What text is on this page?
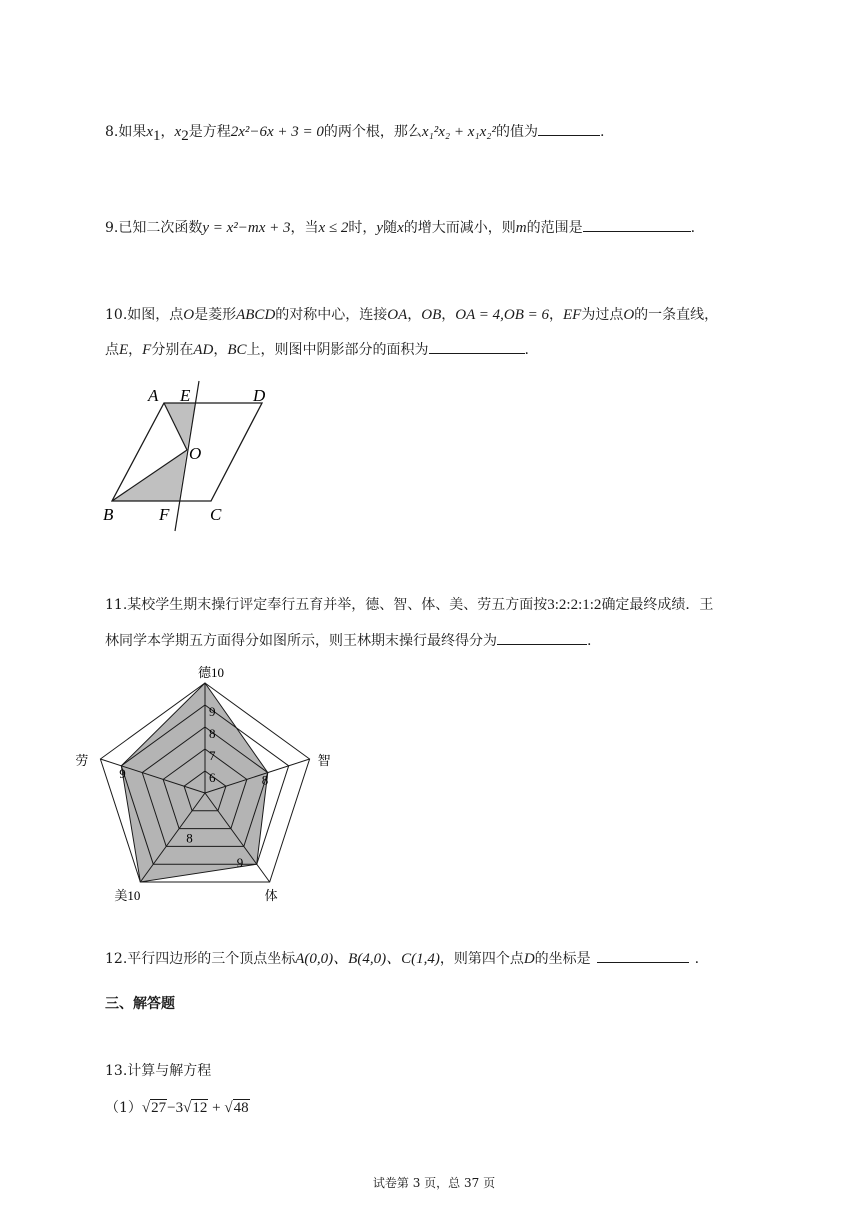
8.如果$x_1$，$x_2$是方程2x²−6x + 3 = 0的两个根，那么x₁²x₂ + x₁x₂²的值为	.
9.已知二次函数y = x²−mx + 3，当x ≤ 2时，y随x的增大而减小，则m的范围是	.
10.如图，点O是菱形ABCD的对称中心，连接OA，OB，OA = 4,OB = 6，EF为过点O的一条直线，
点E，F分别在AD，BC上，则图中阴影部分的面积为	.
A E	D
O
B	F C
11.某校学生期末操行评定奉行五育并举，德、智、体、美、劳五方面按3:2:2:1:2确定最终成绩．王
林同学本学期五方面得分如图所示，则王林期末操行最终得分为	.
9
8
7
6
德10
智
体
美10
劳
8
9
8
9
12.平行四边形的三个顶点坐标A(0,0)、B(4,0)、C(1,4)，则第四个点D的坐标是	.
三、解答题
13.计算与解方程
（1）√27−3√12 + √48
试卷第 3 页，总 37 页
